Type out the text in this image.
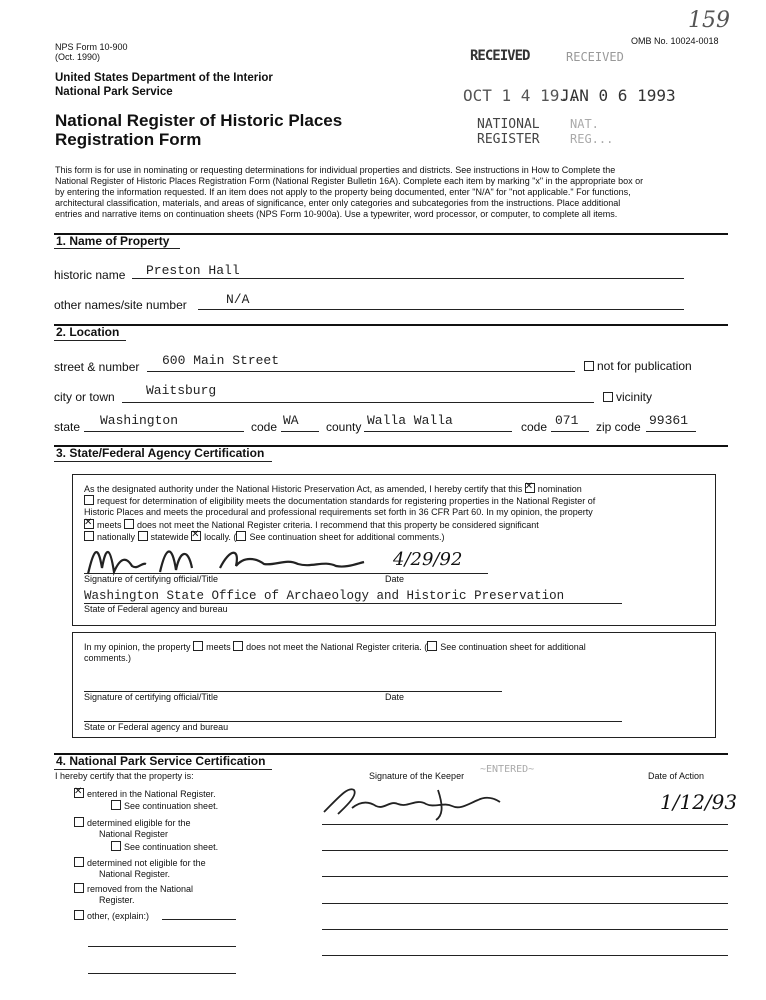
NPS Form 10-900
(Oct. 1990)
OMB No. 10024-0018
159
United States Department of the Interior
National Park Service
National Register of Historic Places
Registration Form
RECEIVED	RECEIVED
OCT 1 4 19..
JAN 0 6 1993
NATIONAL
REGISTER
NAT.
REG...
This form is for use in nominating or requesting determinations for individual properties and districts. See instructions in How to Complete the
National Register of Historic Places Registration Form (National Register Bulletin 16A). Complete each item by marking "x" in the appropriate box or
by entering the information requested. If an item does not apply to the property being documented, enter "N/A" for "not applicable." For functions,
architectural classification, materials, and areas of significance, enter only categories and subcategories from the instructions. Place additional
entries and narrative items on continuation sheets (NPS Form 10-900a). Use a typewriter, word processor, or computer, to complete all items.
1. Name of Property
historic name Preston Hall
other names/site number	N/A
2. Location
street & number 600 Main Street	not for publication
city or town Waitsburg	vicinity
state Washington	code WA county Walla Walla	code 071 zip code 99361
3. State/Federal Agency Certification
As the designated authority under the National Historic Preservation Act, as amended, I hereby certify that this ✕ nomination
request for determination of eligibility meets the documentation standards for registering properties in the National Register of
Historic Places and meets the procedural and professional requirements set forth in 36 CFR Part 60. In my opinion, the property
✕meets does not meet the National Register criteria. I recommend that this property be considered significant
nationally statewide ✕ locally. ( See continuation sheet for additional comments.)
4/29/92
Signature of certifying official/Title	Date
Washington State Office of Archaeology and Historic Preservation
State of Federal agency and bureau
In my opinion, the property meets does not meet the National Register criteria. ( See continuation sheet for additional
comments.)
Signature of certifying official/Title	Date
State or Federal agency and bureau
4. National Park Service Certification
I hereby certify that the property is:	Signature of the Keeper	Date of Action
~ENTERED~
1/12/93
✕entered in the National Register.
See continuation sheet.
determined eligible for the
National Register
See continuation sheet.
determined not eligible for the
National Register.
removed from the National
Register.
other, (explain:)
